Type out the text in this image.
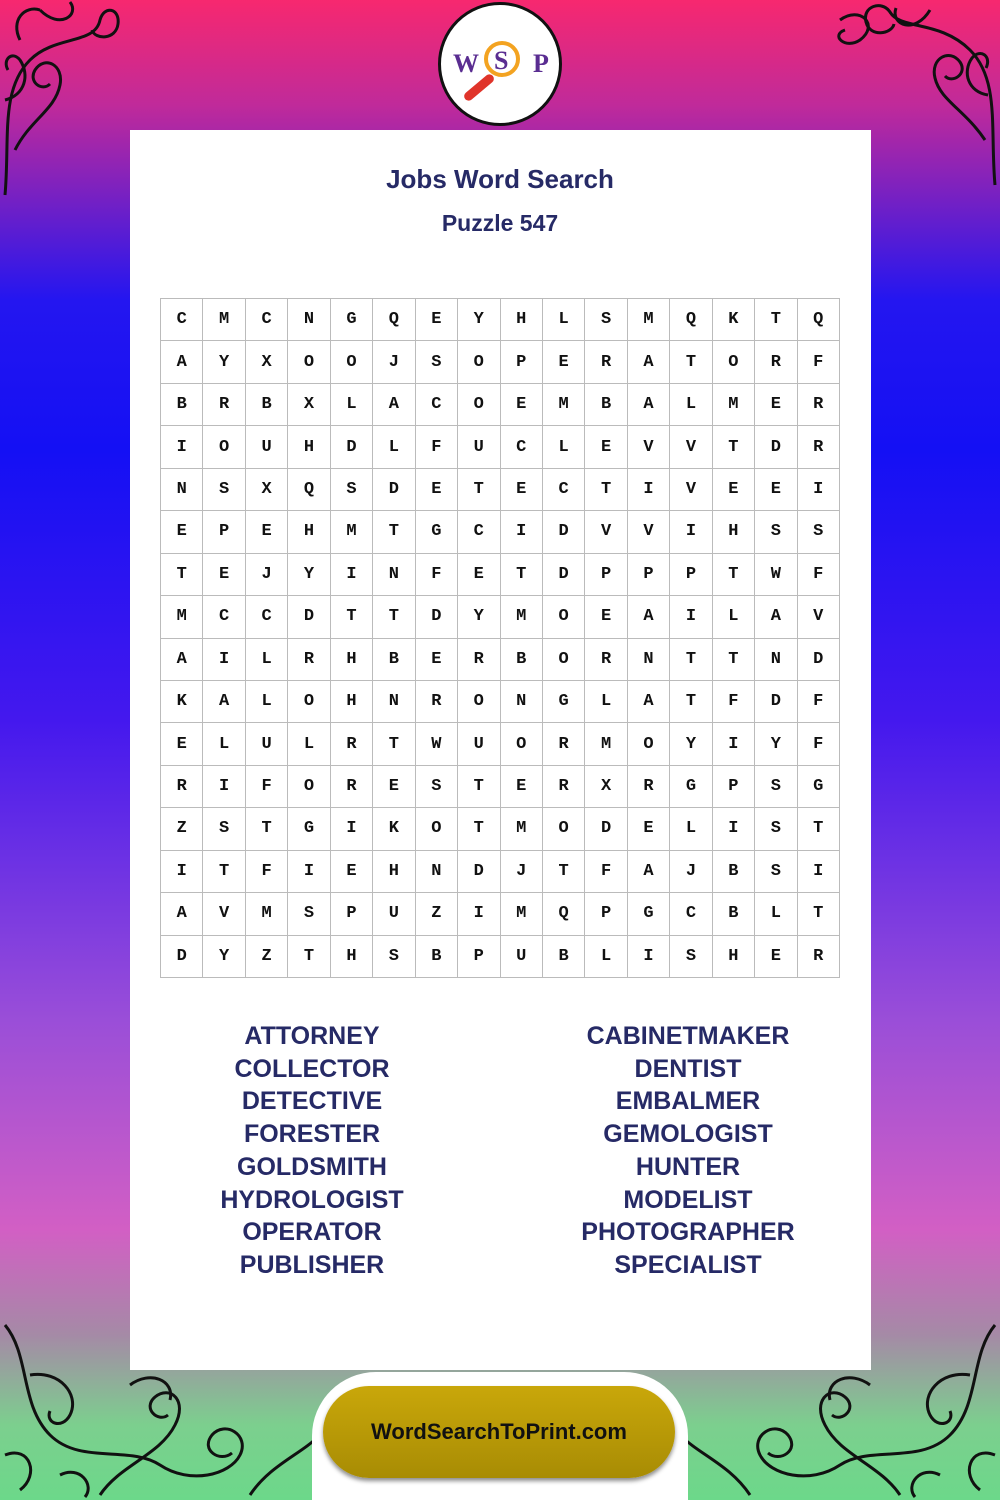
W S P
Jobs Word Search
Puzzle 547
C	M	C	N	G	Q	E	Y	H	L	S	M	Q	K	T	Q
A	Y	X	O	O	J	S	O	P	E	R	A	T	O	R	F
B	R	B	X	L	A	C	O	E	M	B	A	L	M	E	R
I	O	U	H	D	L	F	U	C	L	E	V	V	T	D	R
N	S	X	Q	S	D	E	T	E	C	T	I	V	E	E	I
E	P	E	H	M	T	G	C	I	D	V	V	I	H	S	S
T	E	J	Y	I	N	F	E	T	D	P	P	P	T	W	F
M	C	C	D	T	T	D	Y	M	O	E	A	I	L	A	V
A	I	L	R	H	B	E	R	B	O	R	N	T	T	N	D
K	A	L	O	H	N	R	O	N	G	L	A	T	F	D	F
E	L	U	L	R	T	W	U	O	R	M	O	Y	I	Y	F
R	I	F	O	R	E	S	T	E	R	X	R	G	P	S	G
Z	S	T	G	I	K	O	T	M	O	D	E	L	I	S	T
I	T	F	I	E	H	N	D	J	T	F	A	J	B	S	I
A	V	M	S	P	U	Z	I	M	Q	P	G	C	B	L	T
D	Y	Z	T	H	S	B	P	U	B	L	I	S	H	E	R
ATTORNEY
COLLECTOR
DETECTIVE
FORESTER
GOLDSMITH
HYDROLOGIST
OPERATOR
PUBLISHER
CABINETMAKER
DENTIST
EMBALMER
GEMOLOGIST
HUNTER
MODELIST
PHOTOGRAPHER
SPECIALIST
WordSearchToPrint.com
